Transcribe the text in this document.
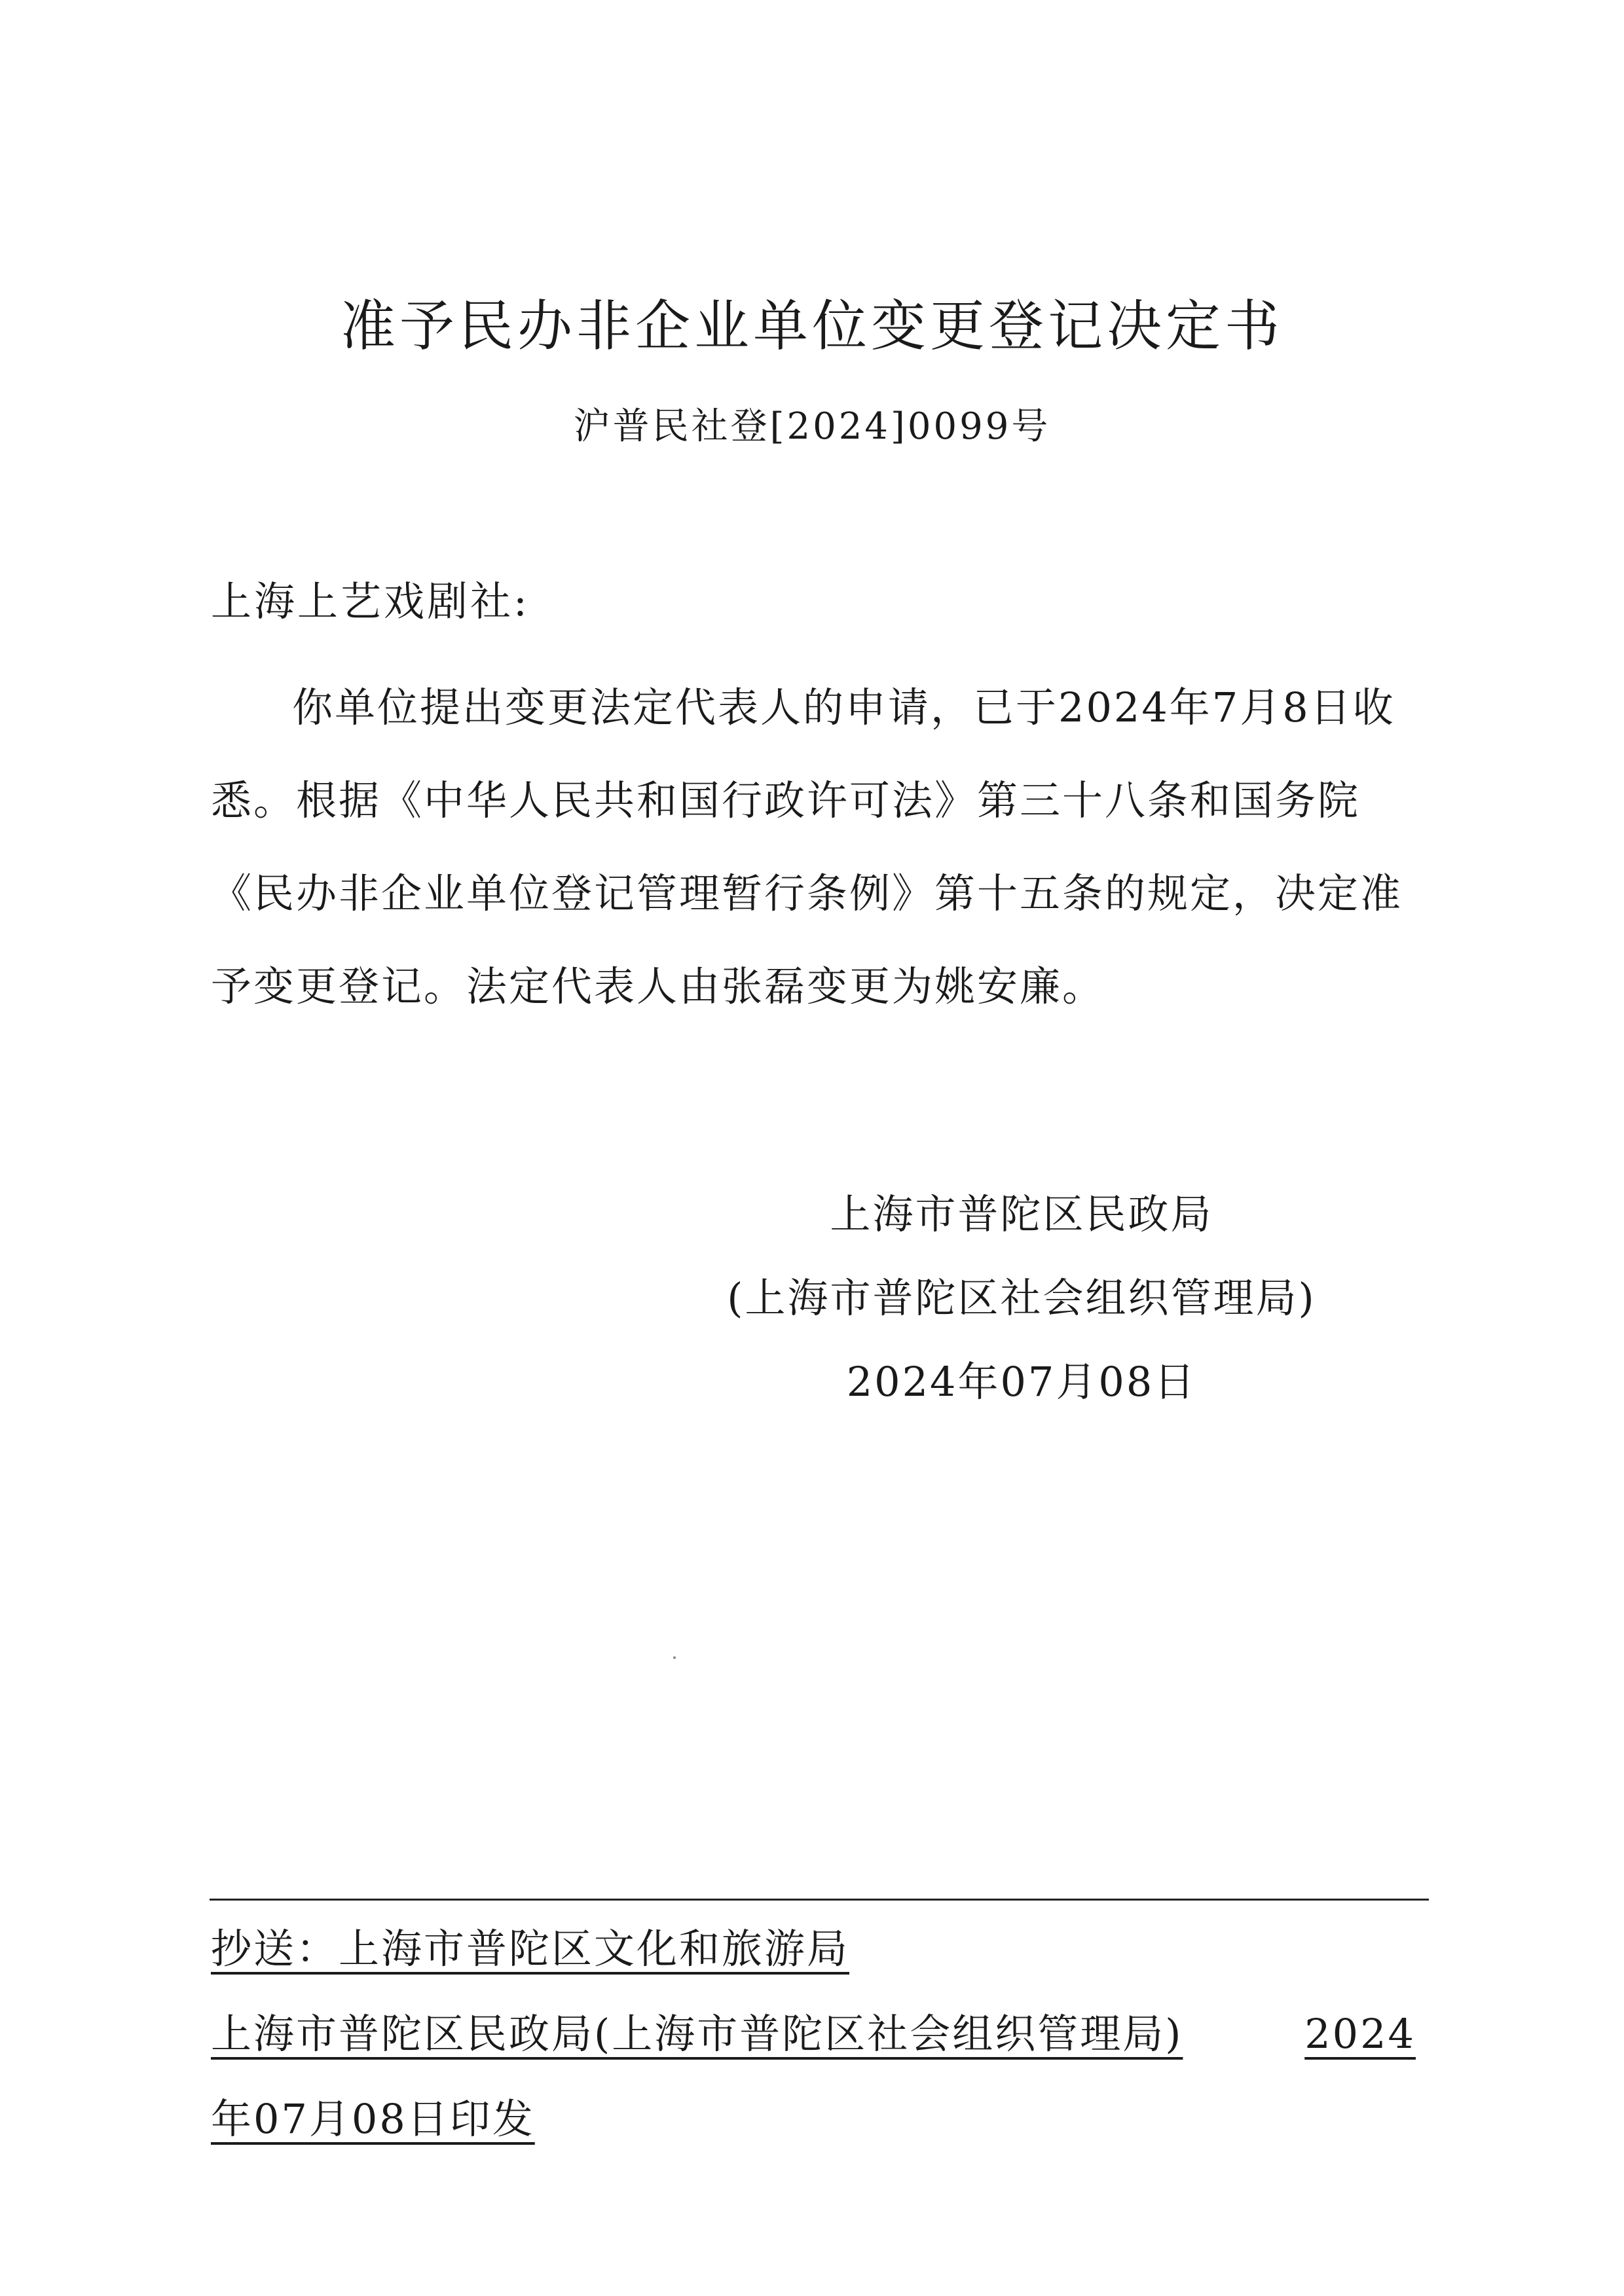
准予民办非企业单位变更登记决定书
沪普民社登[2024]0099号
上海上艺戏剧社:

你单位提出变更法定代表人的申请，已于2024年7月8日收悉。根据《中华人民共和国行政许可法》第三十八条和国务院《民办非企业单位登记管理暂行条例》第十五条的规定，决定准予变更登记。法定代表人由张磊变更为姚安廉。

上海市普陀区民政局
(上海市普陀区社会组织管理局)
2024年07月08日
抄送：上海市普陀区文化和旅游局
上海市普陀区民政局(上海市普陀区社会组织管理局)	2024
年07月08日印发
